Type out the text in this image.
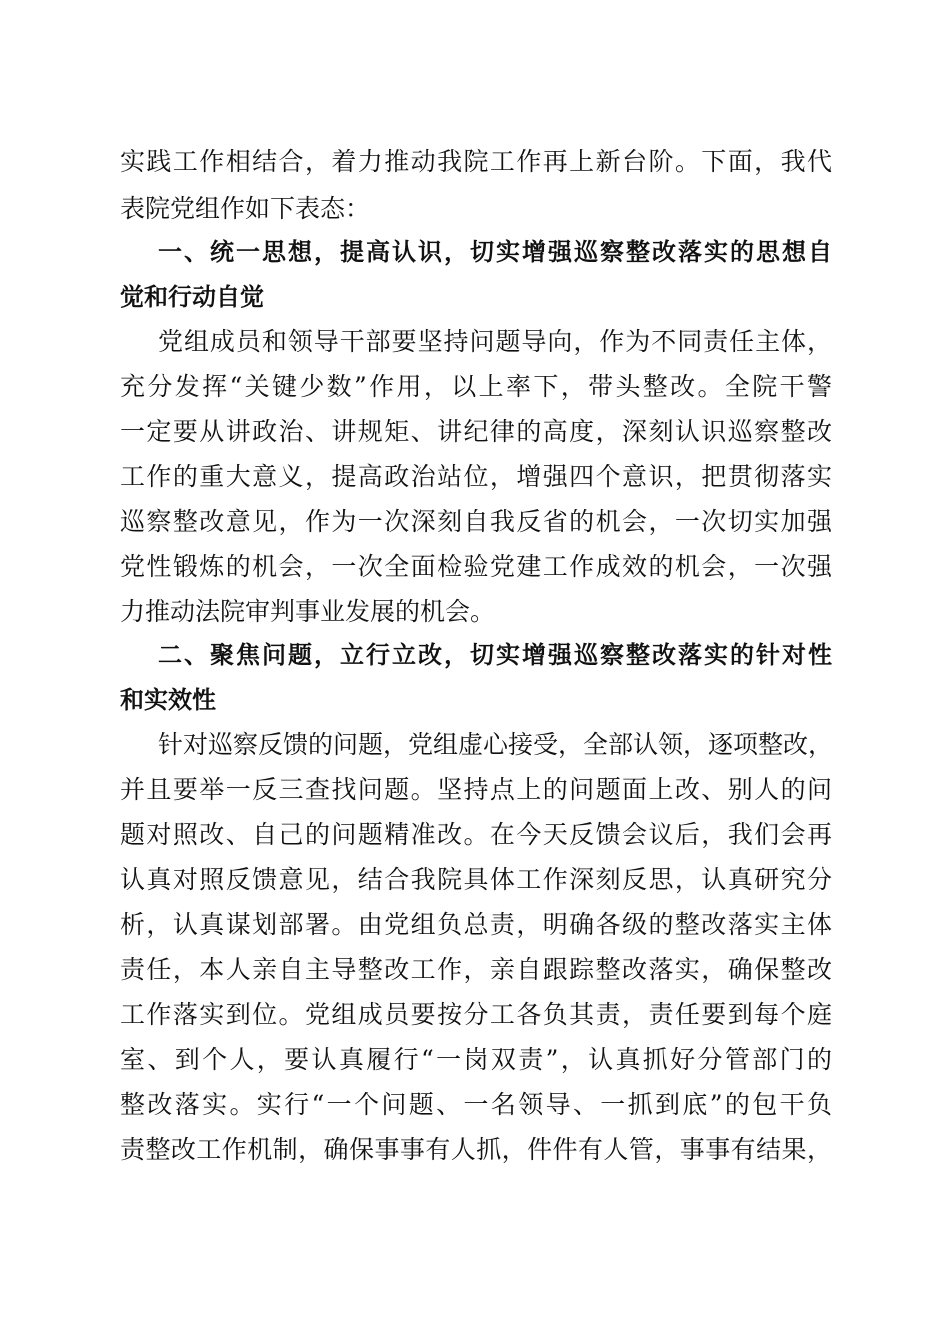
实践工作相结合，着力推动我院工作再上新台阶。下面，我代
表院党组作如下表态：
一、统一思想，提高认识，切实增强巡察整改落实的思想自
觉和行动自觉
党组成员和领导干部要坚持问题导向，作为不同责任主体，
充分发挥“关键少数”作用，以上率下，带头整改。全院干警
一定要从讲政治、讲规矩、讲纪律的高度，深刻认识巡察整改
工作的重大意义，提高政治站位，增强四个意识，把贯彻落实
巡察整改意见，作为一次深刻自我反省的机会，一次切实加强
党性锻炼的机会，一次全面检验党建工作成效的机会，一次强
力推动法院审判事业发展的机会。
二、聚焦问题，立行立改，切实增强巡察整改落实的针对性
和实效性
针对巡察反馈的问题，党组虚心接受，全部认领，逐项整改，
并且要举一反三查找问题。坚持点上的问题面上改、别人的问
题对照改、自己的问题精准改。在今天反馈会议后，我们会再
认真对照反馈意见，结合我院具体工作深刻反思，认真研究分
析，认真谋划部署。由党组负总责，明确各级的整改落实主体
责任，本人亲自主导整改工作，亲自跟踪整改落实，确保整改
工作落实到位。党组成员要按分工各负其责，责任要到每个庭
室、到个人，要认真履行“一岗双责”，认真抓好分管部门的
整改落实。实行“一个问题、一名领导、一抓到底”的包干负
责整改工作机制，确保事事有人抓，件件有人管，事事有结果，
